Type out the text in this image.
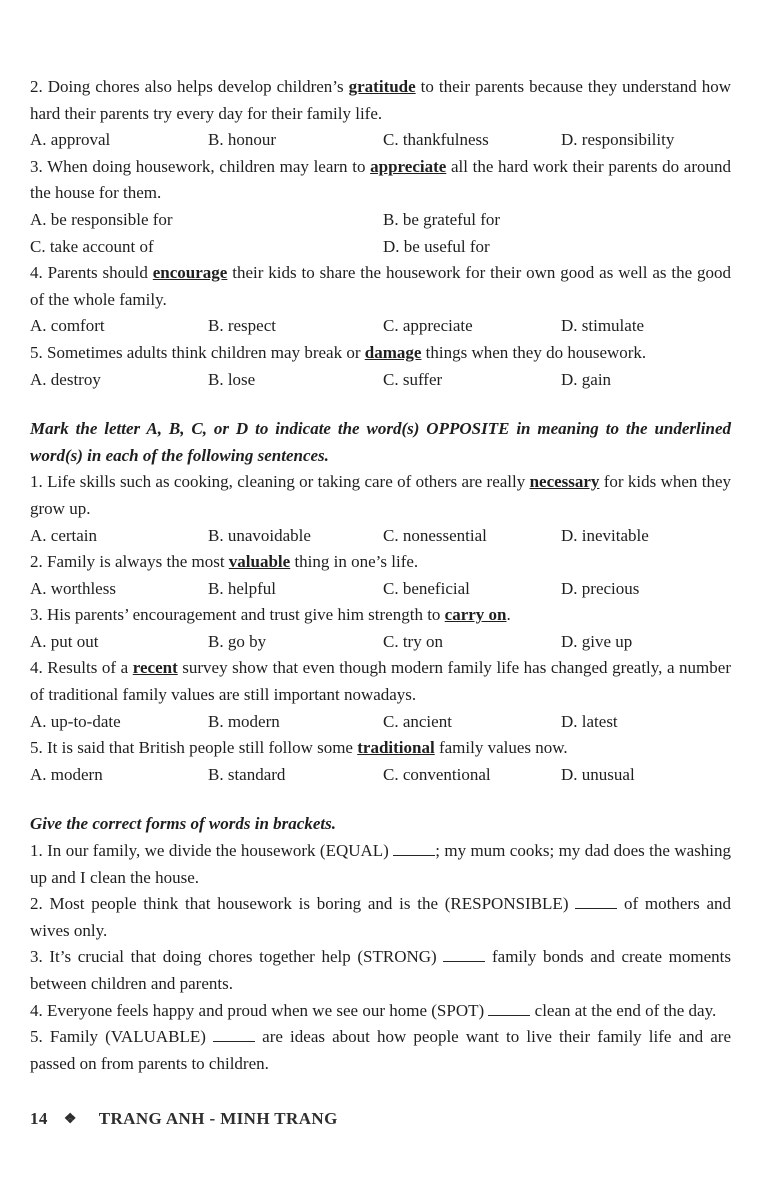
2. Doing chores also helps develop children’s gratitude to their parents because they understand how hard their parents try every day for their family life.

A. approval	B. honour	C. thankfulness	D. responsibility

3. When doing housework, children may learn to appreciate all the hard work their parents do around the house for them.

A. be responsible for	B. be grateful for
C. take account of	D. be useful for

4. Parents should encourage their kids to share the housework for their own good as well as the good of the whole family.

A. comfort	B. respect	C. appreciate	D. stimulate

5. Sometimes adults think children may break or damage things when they do housework.

A. destroy	B. lose	C. suffer	D. gain

Mark the letter A, B, C, or D to indicate the word(s) OPPOSITE in meaning to the underlined word(s) in each of the following sentences.

1. Life skills such as cooking, cleaning or taking care of others are really necessary for kids when they grow up.

A. certain	B. unavoidable	C. nonessential	D. inevitable

2. Family is always the most valuable thing in one’s life.

A. worthless	B. helpful	C. beneficial	D. precious

3. His parents’ encouragement and trust give him strength to carry on.

A. put out	B. go by	C. try on	D. give up

4. Results of a recent survey show that even though modern family life has changed greatly, a number of traditional family values are still important nowadays.

A. up-to-date	B. modern	C. ancient	D. latest

5. It is said that British people still follow some traditional family values now.

A. modern	B. standard	C. conventional	D. unusual

Give the correct forms of words in brackets.

1. In our family, we divide the housework (EQUAL) ; my mum cooks; my dad does the washing up and I clean the house.

2. Most people think that housework is boring and is the (RESPONSIBLE)  of mothers and wives only.

3. It’s crucial that doing chores together help (STRONG)  family bonds and create moments between children and parents.

4. Everyone feels happy and proud when we see our home (SPOT)  clean at the end of the day.

5. Family (VALUABLE)  are ideas about how people want to live their family life and are passed on from parents to children.

14 ❖ TRANG ANH - MINH TRANG
